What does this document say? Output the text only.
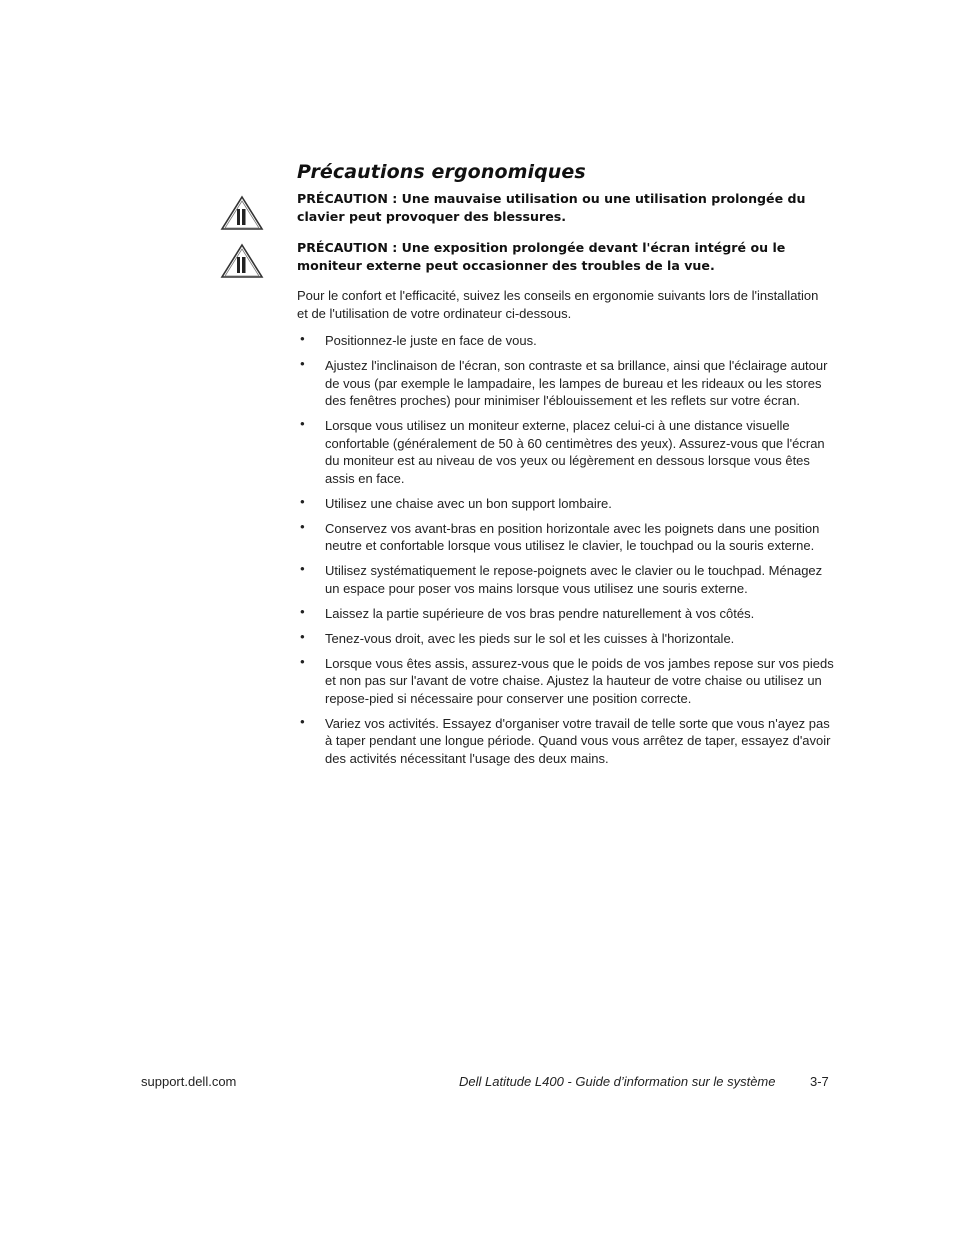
Précautions ergonomiques
PRÉCAUTION : Une mauvaise utilisation ou une utilisation prolongée du clavier peut provoquer des blessures.
PRÉCAUTION : Une exposition prolongée devant l'écran intégré ou le moniteur externe peut occasionner des troubles de la vue.
Pour le confort et l'efficacité, suivez les conseils en ergonomie suivants lors de l'installation et de l'utilisation de votre ordinateur ci-dessous.
• Positionnez-le juste en face de vous.
• Ajustez l'inclinaison de l'écran, son contraste et sa brillance, ainsi que l'éclairage autour de vous (par exemple le lampadaire, les lampes de bureau et les rideaux ou les stores des fenêtres proches) pour minimiser l'éblouissement et les reflets sur votre écran.
• Lorsque vous utilisez un moniteur externe, placez celui-ci à une distance visuelle confortable (généralement de 50 à 60 centimètres des yeux). Assurez-vous que l'écran du moniteur est au niveau de vos yeux ou légèrement en dessous lorsque vous êtes assis en face.
• Utilisez une chaise avec un bon support lombaire.
• Conservez vos avant-bras en position horizontale avec les poignets dans une position neutre et confortable lorsque vous utilisez le clavier, le touchpad ou la souris externe.
• Utilisez systématiquement le repose-poignets avec le clavier ou le touchpad. Ménagez un espace pour poser vos mains lorsque vous utilisez une souris externe.
• Laissez la partie supérieure de vos bras pendre naturellement à vos côtés.
• Tenez-vous droit, avec les pieds sur le sol et les cuisses à l'horizontale.
• Lorsque vous êtes assis, assurez-vous que le poids de vos jambes repose sur vos pieds et non pas sur l'avant de votre chaise. Ajustez la hauteur de votre chaise ou utilisez un repose-pied si nécessaire pour conserver une position correcte.
• Variez vos activités. Essayez d'organiser votre travail de telle sorte que vous n'ayez pas à taper pendant une longue période. Quand vous vous arrêtez de taper, essayez d'avoir des activités nécessitant l'usage des deux mains.
support.dell.com	Dell Latitude L400 - Guide d’information sur le système	3-7
